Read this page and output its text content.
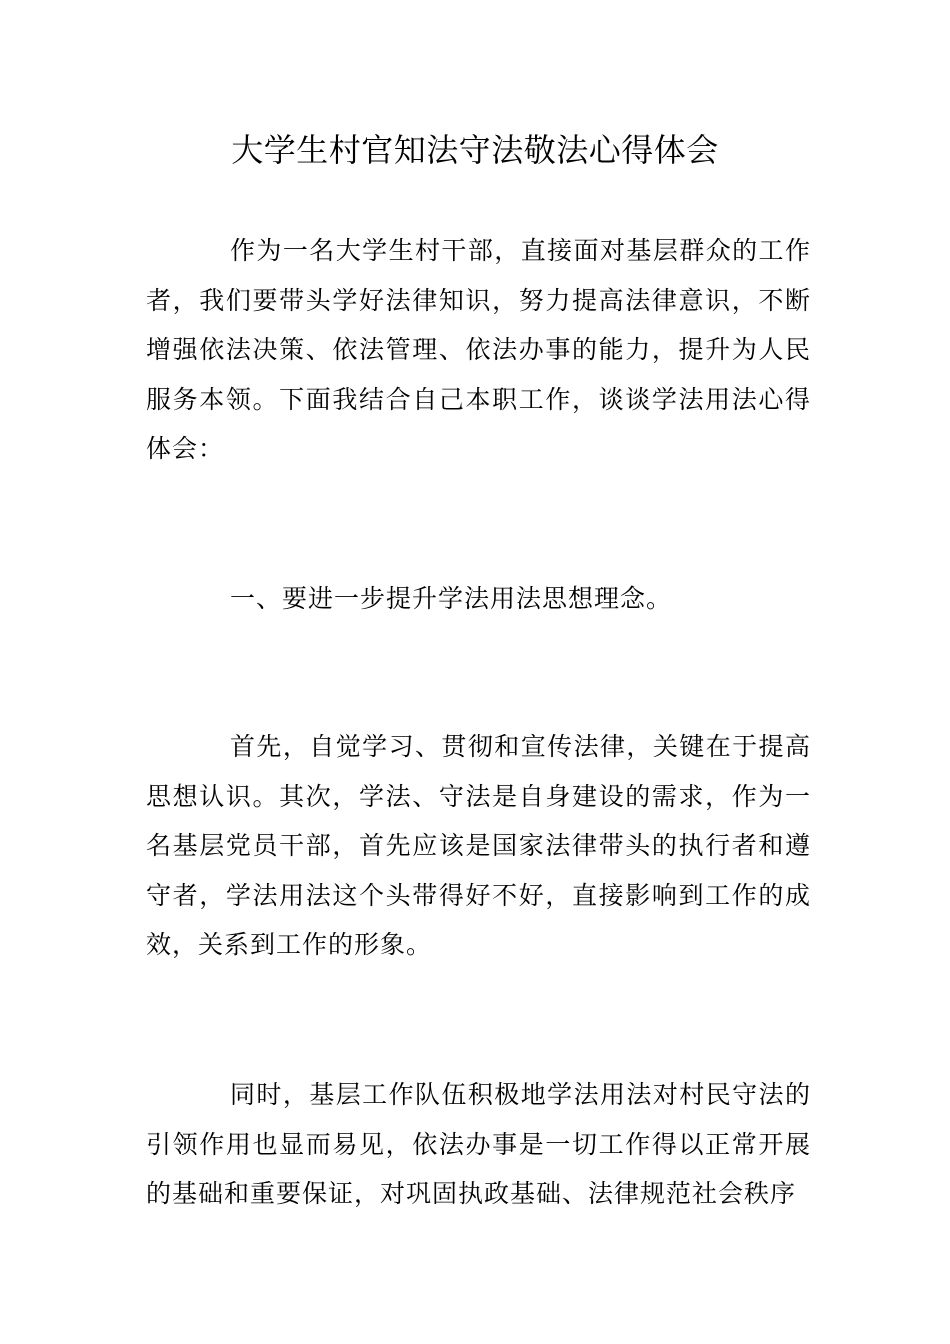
大学生村官知法守法敬法心得体会

作为一名大学生村干部，直接面对基层群众的工作者，我们要带头学好法律知识，努力提高法律意识，不断增强依法决策、依法管理、依法办事的能力，提升为人民服务本领。下面我结合自己本职工作，谈谈学法用法心得体会：

一、要进一步提升学法用法思想理念。

首先，自觉学习、贯彻和宣传法律，关键在于提高思想认识。其次，学法、守法是自身建设的需求，作为一名基层党员干部，首先应该是国家法律带头的执行者和遵守者，学法用法这个头带得好不好，直接影响到工作的成效，关系到工作的形象。

同时，基层工作队伍积极地学法用法对村民守法的引领作用也显而易见，依法办事是一切工作得以正常开展的基础和重要保证，对巩固执政基础、法律规范社会秩序
